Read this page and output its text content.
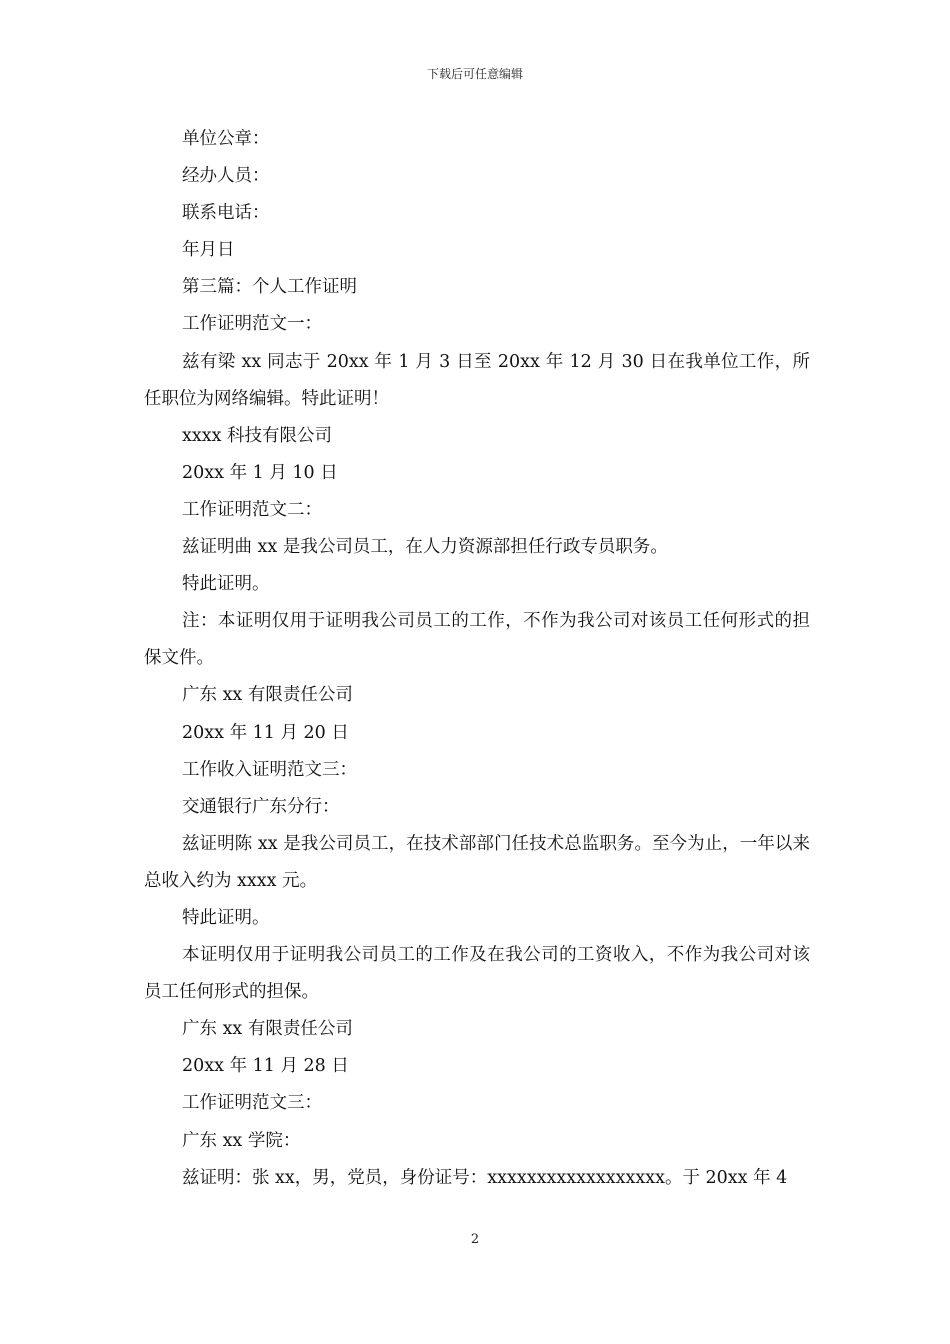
下载后可任意编辑

单位公章：

经办人员：

联系电话：

年月日

第三篇：个人工作证明

工作证明范文一：

兹有梁 xx 同志于 20xx 年 1 月 3 日至 20xx 年 12 月 30 日在我单位工作，所任职位为网络编辑。特此证明！

xxxx 科技有限公司

20xx 年 1 月 10 日

工作证明范文二：

兹证明曲 xx 是我公司员工，在人力资源部担任行政专员职务。

特此证明。

注：本证明仅用于证明我公司员工的工作，不作为我公司对该员工任何形式的担保文件。

广东 xx 有限责任公司

20xx 年 11 月 20 日

工作收入证明范文三：

交通银行广东分行：

兹证明陈 xx 是我公司员工，在技术部部门任技术总监职务。至今为止，一年以来总收入约为 xxxx 元。

特此证明。

本证明仅用于证明我公司员工的工作及在我公司的工资收入，不作为我公司对该员工任何形式的担保。

广东 xx 有限责任公司

20xx 年 11 月 28 日

工作证明范文三：

广东 xx 学院：

兹证明：张 xx，男，党员，身份证号：xxxxxxxxxxxxxxxxxx。于 20xx 年 4

2
